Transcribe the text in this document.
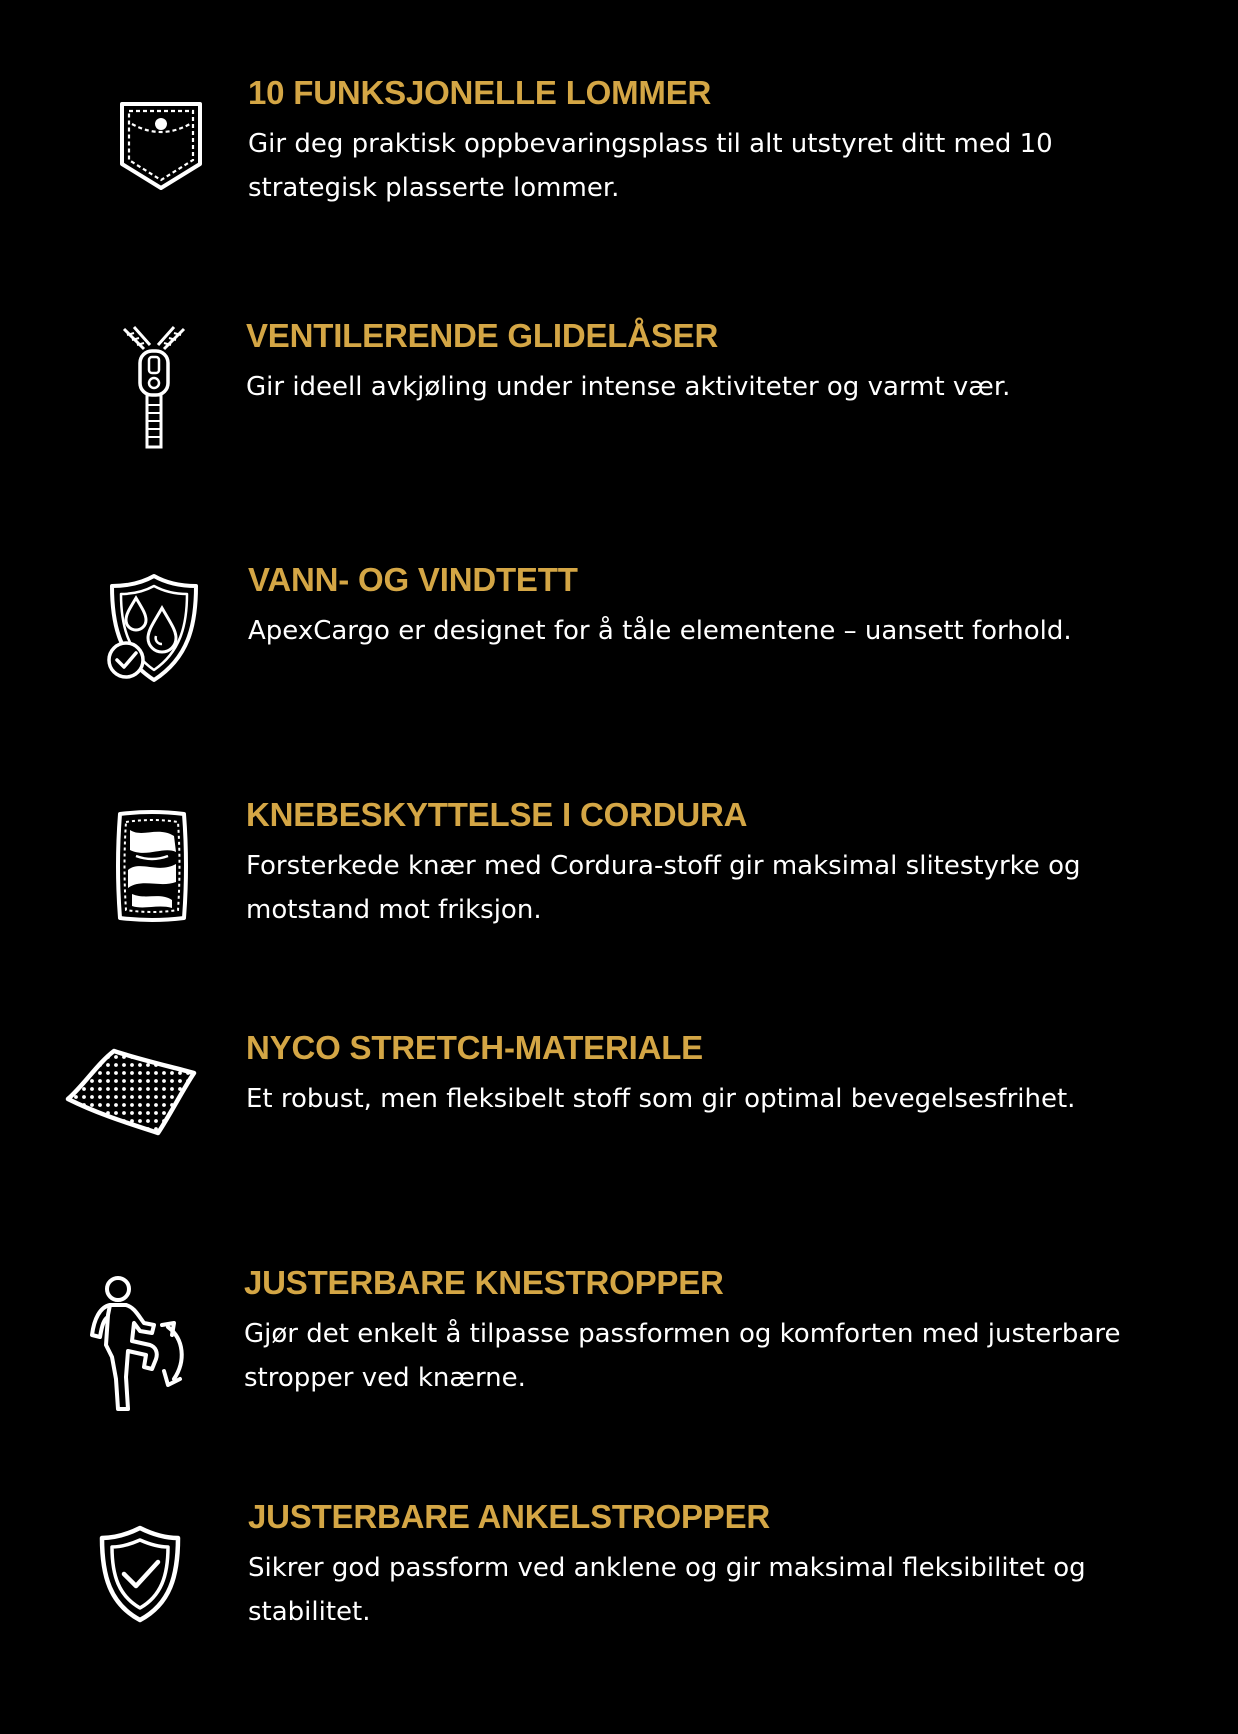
10 FUNKSJONELLE LOMMER

Gir deg praktisk oppbevaringsplass til alt utstyret ditt med 10 strategisk plasserte lommer.

VENTILERENDE GLIDELÅSER

Gir ideell avkjøling under intense aktiviteter og varmt vær.

VANN- OG VINDTETT

ApexCargo er designet for å tåle elementene – uansett forhold.

KNEBESKYTTELSE I CORDURA

Forsterkede knær med Cordura-stoff gir maksimal slitestyrke og motstand mot friksjon.

NYCO STRETCH-MATERIALE

Et robust, men fleksibelt stoff som gir optimal bevegelsesfrihet.

JUSTERBARE KNESTROPPER

Gjør det enkelt å tilpasse passformen og komforten med justerbare stropper ved knærne.

JUSTERBARE ANKELSTROPPER

Sikrer god passform ved anklene og gir maksimal fleksibilitet og stabilitet.
